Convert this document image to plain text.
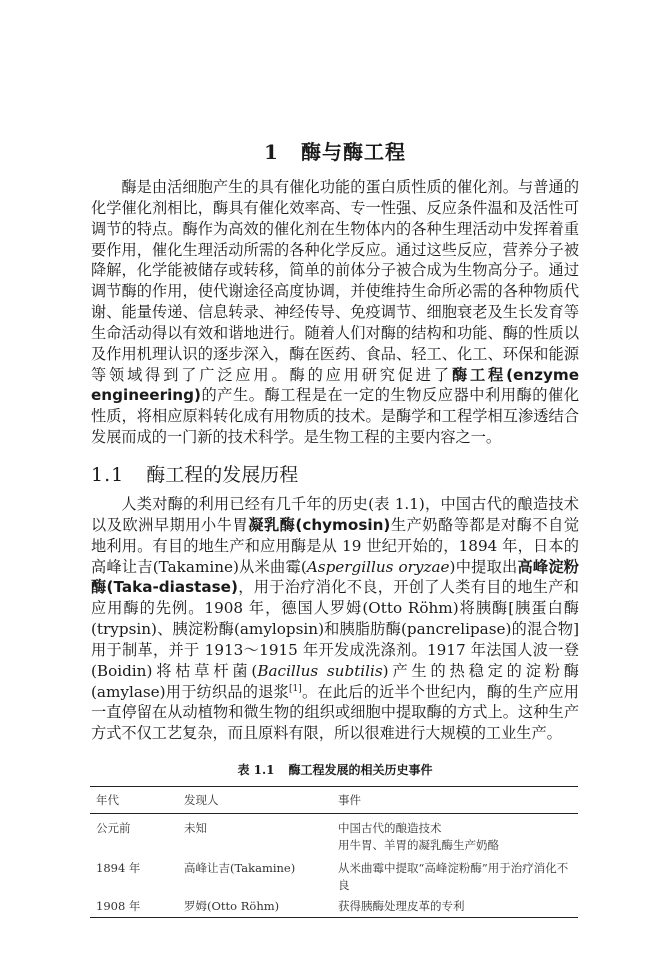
1 酶与酶工程

酶是由活细胞产生的具有催化功能的蛋白质性质的催化剂。与普通的化学催化剂相比，酶具有催化效率高、专一性强、反应条件温和及活性可调节的特点。酶作为高效的催化剂在生物体内的各种生理活动中发挥着重要作用，催化生理活动所需的各种化学反应。通过这些反应，营养分子被降解，化学能被储存或转移，简单的前体分子被合成为生物高分子。通过调节酶的作用，使代谢途径高度协调，并使维持生命所必需的各种物质代谢、能量传递、信息转录、神经传导、免疫调节、细胞衰老及生长发育等生命活动得以有效和谐地进行。随着人们对酶的结构和功能、酶的性质以及作用机理认识的逐步深入，酶在医药、食品、轻工、化工、环保和能源等领域得到了广泛应用。酶的应用研究促进了酶工程(enzyme engineering)的产生。酶工程是在一定的生物反应器中利用酶的催化性质，将相应原料转化成有用物质的技术。是酶学和工程学相互渗透结合发展而成的一门新的技术科学。是生物工程的主要内容之一。

1.1 酶工程的发展历程

人类对酶的利用已经有几千年的历史(表 1.1)，中国古代的酿造技术以及欧洲早期用小牛胃凝乳酶(chymosin)生产奶酪等都是对酶不自觉地利用。有目的地生产和应用酶是从 19 世纪开始的，1894 年，日本的高峰让吉(Takamine)从米曲霉(Aspergillus oryzae)中提取出高峰淀粉酶(Taka-diastase)，用于治疗消化不良，开创了人类有目的地生产和应用酶的先例。1908 年，德国人罗姆(Otto Röhm)将胰酶[胰蛋白酶(trypsin)、胰淀粉酶(amylopsin)和胰脂肪酶(pancrelipase)的混合物]用于制革，并于 1913～1915 年开发成洗涤剂。1917 年法国人波一登(Boidin)将枯草杆菌(Bacillus subtilis)产生的热稳定的淀粉酶(amylase)用于纺织品的退浆[1]。在此后的近半个世纪内，酶的生产应用一直停留在从动植物和微生物的组织或细胞中提取酶的方式上。这种生产方式不仅工艺复杂，而且原料有限，所以很难进行大规模的工业生产。

表 1.1 酶工程发展的相关历史事件
年代	发现人	事件
公元前	未知	中国古代的酿造技术
用牛胃、羊胃的凝乳酶生产奶酪

1894 年	高峰让吉(Takamine)	从米曲霉中提取“高峰淀粉酶”用于治疗消化不良

1908 年	罗姆(Otto Röhm)	获得胰酶处理皮革的专利
